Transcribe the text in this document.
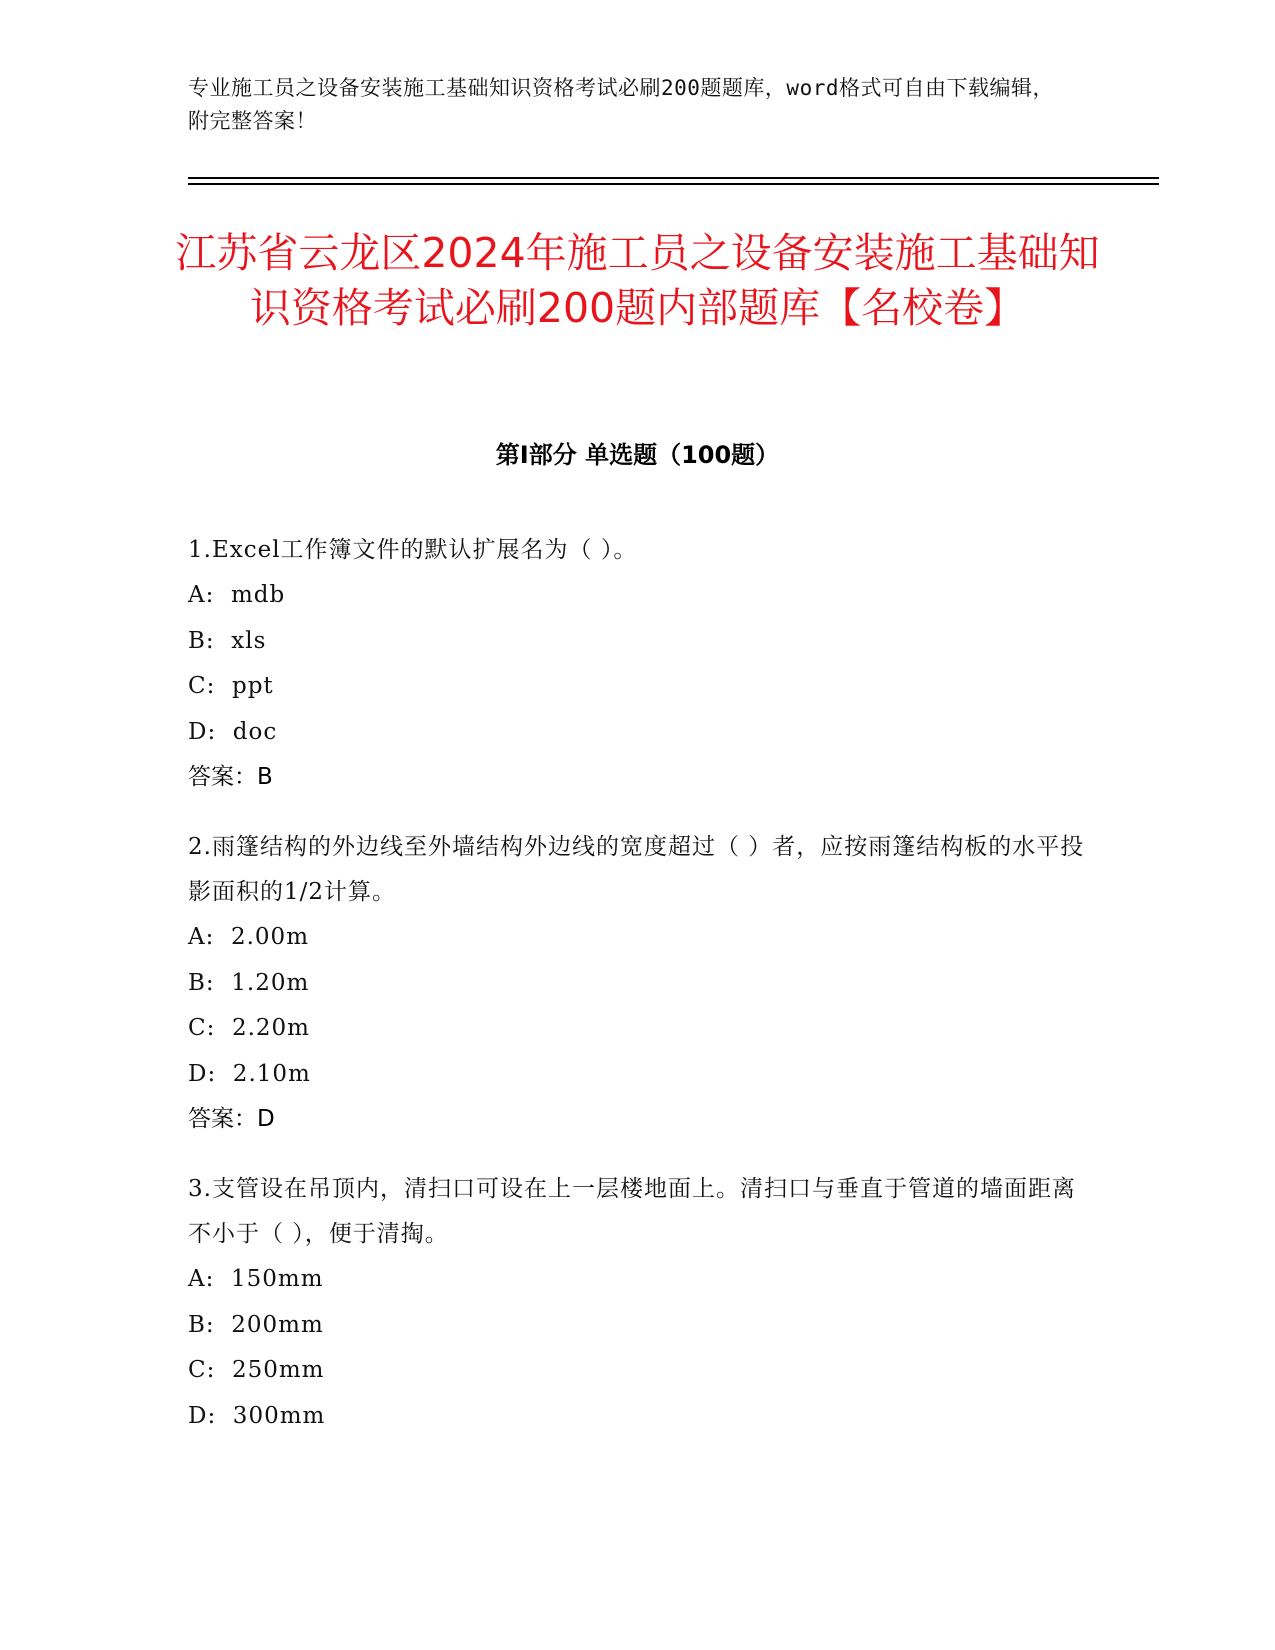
专业施工员之设备安装施工基础知识资格考试必刷200题题库，word格式可自由下载编辑，附完整答案！
江苏省云龙区2024年施工员之设备安装施工基础知识资格考试必刷200题内部题库【名校卷】
第Ⅰ部分 单选题（100题）
1.Excel工作簿文件的默认扩展名为（ ）。
A:  mdb
B:  xls
C:  ppt
D:  doc
答案：B
2.雨篷结构的外边线至外墙结构外边线的宽度超过（ ）者，应按雨篷结构板的水平投影面积的1/2计算。
A:  2.00m
B:  1.20m
C:  2.20m
D:  2.10m
答案：D
3.支管设在吊顶内，清扫口可设在上一层楼地面上。清扫口与垂直于管道的墙面距离不小于（ ），便于清掏。
A:  150mm
B:  200mm
C:  250mm
D:  300mm
